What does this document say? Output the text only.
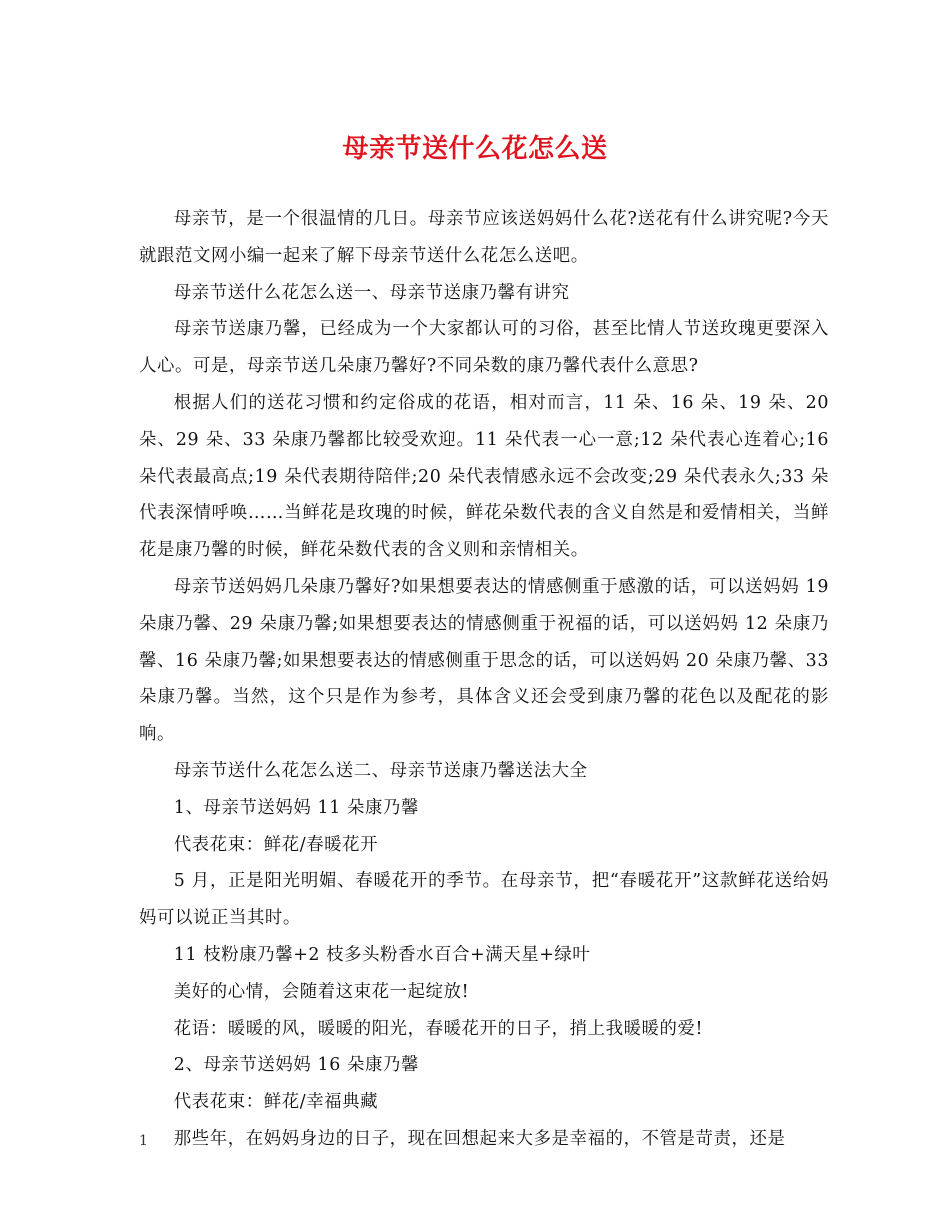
母亲节送什么花怎么送

母亲节，是一个很温情的几日。母亲节应该送妈妈什么花?送花有什么讲究呢?今天就跟范文网小编一起来了解下母亲节送什么花怎么送吧。

母亲节送什么花怎么送一、母亲节送康乃馨有讲究

母亲节送康乃馨，已经成为一个大家都认可的习俗，甚至比情人节送玫瑰更要深入人心。可是，母亲节送几朵康乃馨好?不同朵数的康乃馨代表什么意思?

根据人们的送花习惯和约定俗成的花语，相对而言，11 朵、16 朵、19 朵、20 朵、29 朵、33 朵康乃馨都比较受欢迎。11 朵代表一心一意;12 朵代表心连着心;16 朵代表最高点;19 朵代表期待陪伴;20 朵代表情感永远不会改变;29 朵代表永久;33 朵代表深情呼唤……当鲜花是玫瑰的时候，鲜花朵数代表的含义自然是和爱情相关，当鲜花是康乃馨的时候，鲜花朵数代表的含义则和亲情相关。

母亲节送妈妈几朵康乃馨好?如果想要表达的情感侧重于感激的话，可以送妈妈 19 朵康乃馨、29 朵康乃馨;如果想要表达的情感侧重于祝福的话，可以送妈妈 12 朵康乃馨、16 朵康乃馨;如果想要表达的情感侧重于思念的话，可以送妈妈 20 朵康乃馨、33 朵康乃馨。当然，这个只是作为参考，具体含义还会受到康乃馨的花色以及配花的影响。

母亲节送什么花怎么送二、母亲节送康乃馨送法大全

1、母亲节送妈妈 11 朵康乃馨

代表花束：鲜花/春暖花开

5 月，正是阳光明媚、春暖花开的季节。在母亲节，把“春暖花开”这款鲜花送给妈妈可以说正当其时。

11 枝粉康乃馨+2 枝多头粉香水百合+满天星+绿叶

美好的心情，会随着这束花一起绽放!

花语：暖暖的风，暖暖的阳光，春暖花开的日子，捎上我暖暖的爱!

2、母亲节送妈妈 16 朵康乃馨

代表花束：鲜花/幸福典藏

那些年，在妈妈身边的日子，现在回想起来大多是幸福的，不管是苛责，还是

1
